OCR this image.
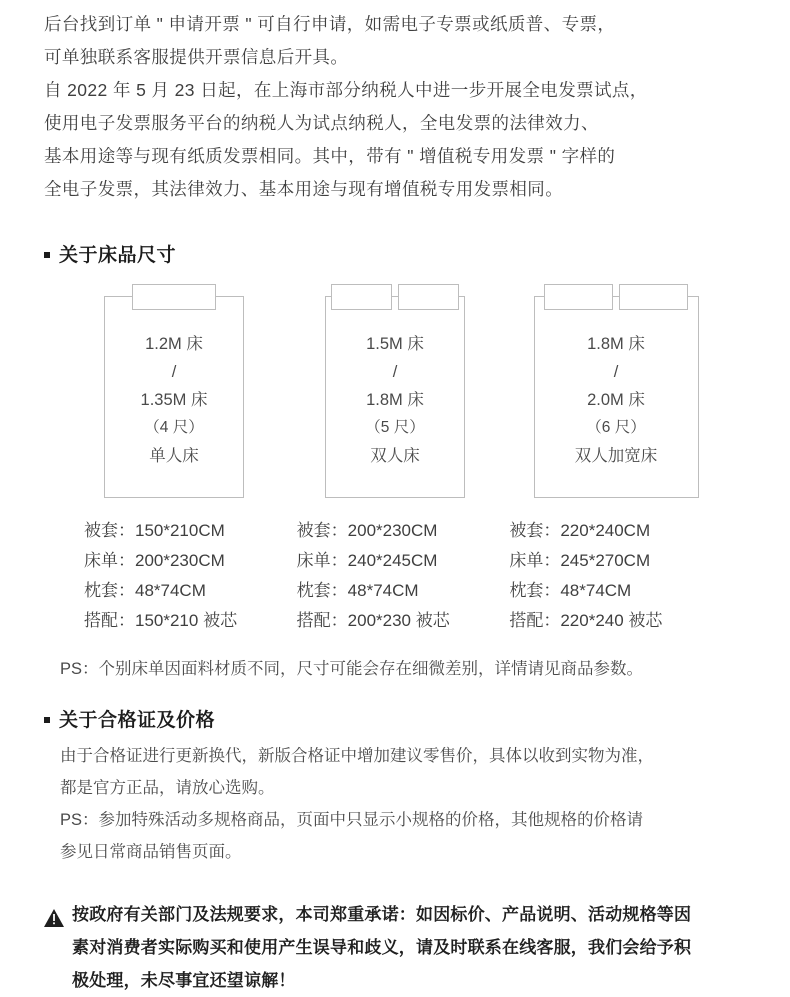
后台找到订单 " 申请开票 " 可自行申请，如需电子专票或纸质普、专票，

可单独联系客服提供开票信息后开具。

自 2022 年 5 月 23 日起，在上海市部分纳税人中进一步开展全电发票试点，

使用电子发票服务平台的纳税人为试点纳税人，全电发票的法律效力、

基本用途等与现有纸质发票相同。其中，带有 " 增值税专用发票 " 字样的

全电子发票，其法律效力、基本用途与现有增值税专用发票相同。

关于床品尺寸
1.2M 床
/
1.35M 床
（4 尺）
单人床
1.5M 床
/
1.8M 床
（5 尺）
双人床
1.8M 床
/
2.0M 床
（6 尺）
双人加宽床
被套：150*210CM
床单：200*230CM
枕套：48*74CM
搭配：150*210 被芯
被套：200*230CM
床单：240*245CM
枕套：48*74CM
搭配：200*230 被芯
被套：220*240CM
床单：245*270CM
枕套：48*74CM
搭配：220*240 被芯
PS：个别床单因面料材质不同，尺寸可能会存在细微差别，详情请见商品参数。
关于合格证及价格

由于合格证进行更新换代，新版合格证中增加建议零售价，具体以收到实物为准，

都是官方正品，请放心选购。

PS：参加特殊活动多规格商品，页面中只显示小规格的价格，其他规格的价格请

参见日常商品销售页面。

按政府有关部门及法规要求，本司郑重承诺：如因标价、产品说明、活动规格等因

素对消费者实际购买和使用产生误导和歧义，请及时联系在线客服，我们会给予积

极处理，未尽事宜还望谅解！
